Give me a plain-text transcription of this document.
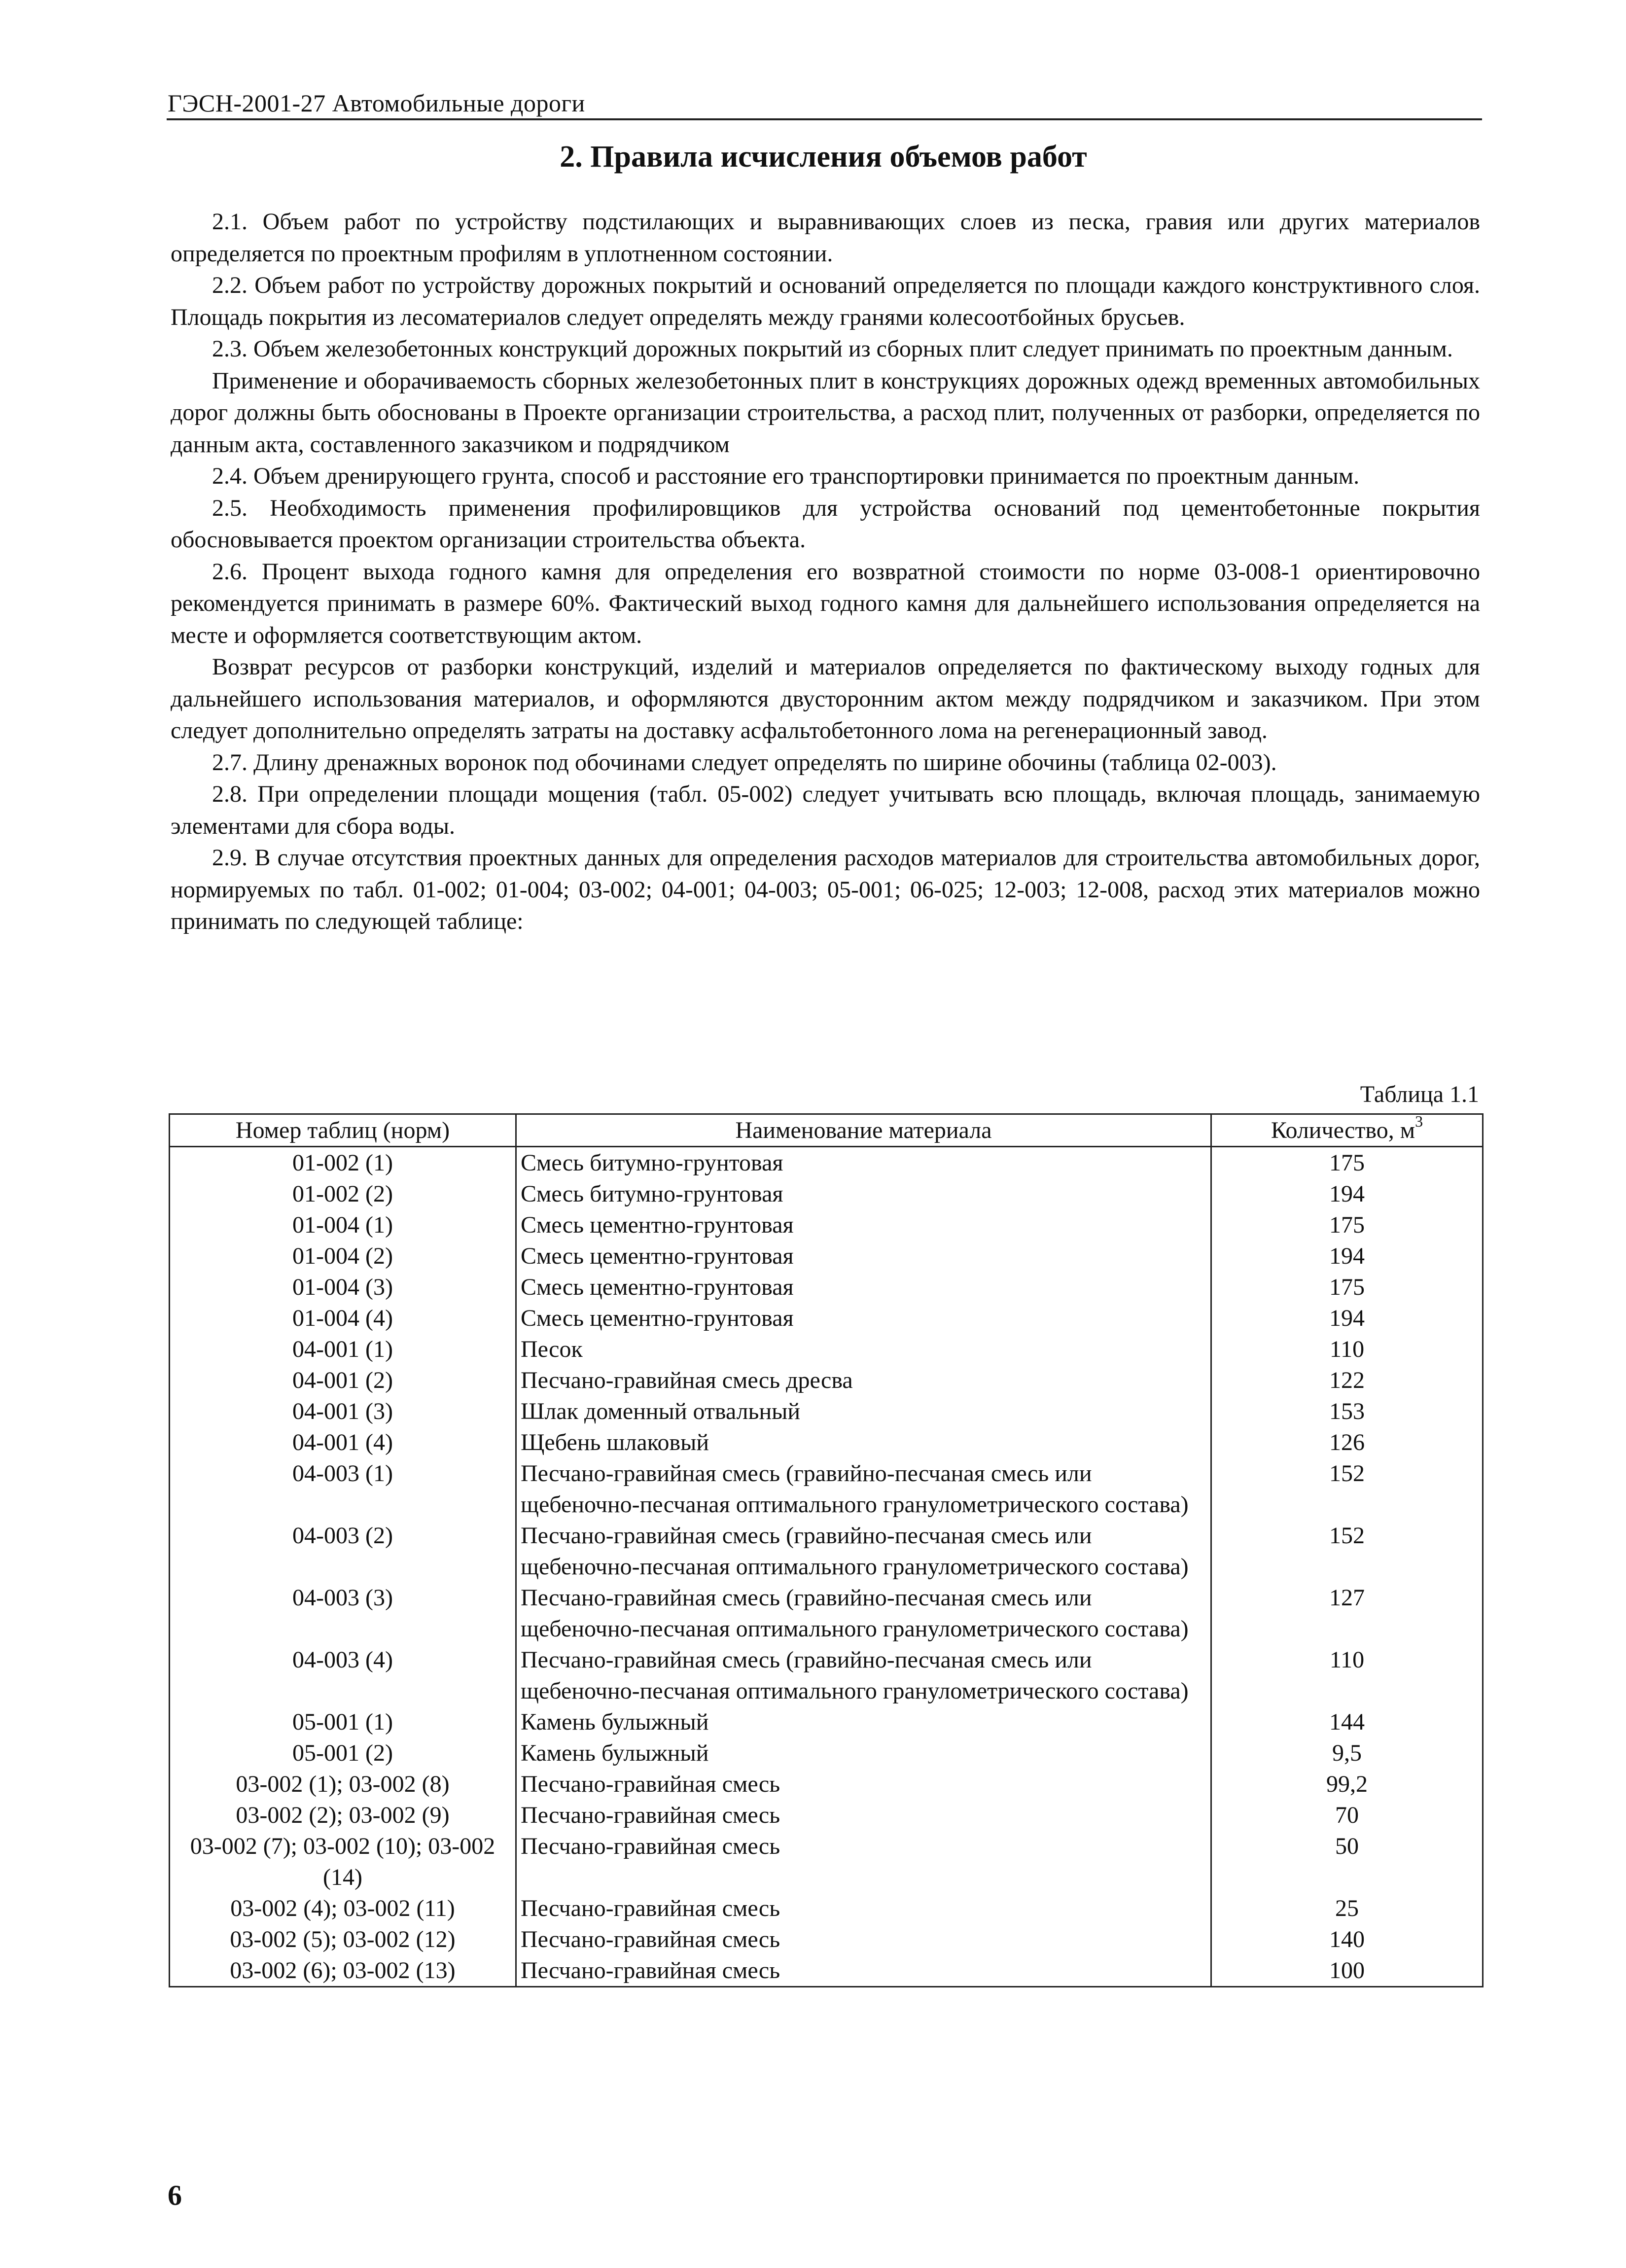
ГЭСН-2001-27 Автомобильные дороги
2. Правила исчисления объемов работ

2.1. Объем работ по устройству подстилающих и выравнивающих слоев из песка, гравия или других материалов определяется по проектным профилям в уплотненном состоянии.

2.2. Объем работ по устройству дорожных покрытий и оснований определяется по площади каждого конструктивного слоя. Площадь покрытия из лесоматериалов следует определять между гранями колесоотбойных брусьев.

2.3. Объем железобетонных конструкций дорожных покрытий из сборных плит следует принимать по проектным данным.

Применение и оборачиваемость сборных железобетонных плит в конструкциях дорожных одежд временных автомобильных дорог должны быть обоснованы в Проекте организации строительства, а расход плит, полученных от разборки, определяется по данным акта, составленного заказчиком и подрядчиком

2.4. Объем дренирующего грунта, способ и расстояние его транспортировки принимается по проектным данным.

2.5. Необходимость применения профилировщиков для устройства оснований под цементобетонные покрытия обосновывается проектом организации строительства объекта.

2.6. Процент выхода годного камня для определения его возвратной стоимости по норме 03-008-1 ориентировочно рекомендуется принимать в размере 60%. Фактический выход годного камня для дальнейшего использования определяется на месте и оформляется соответствующим актом.

Возврат ресурсов от разборки конструкций, изделий и материалов определяется по фактическому выходу годных для дальнейшего использования материалов, и оформляются двусторонним актом между подрядчиком и заказчиком. При этом следует дополнительно определять затраты на доставку асфальтобетонного лома на регенерационный завод.

2.7. Длину дренажных воронок под обочинами следует определять по ширине обочины (таблица 02-003).

2.8. При определении площади мощения (табл. 05-002) следует учитывать всю площадь, включая площадь, занимаемую элементами для сбора воды.

2.9. В случае отсутствия проектных данных для определения расходов материалов для строительства автомобильных дорог, нормируемых по табл. 01-002; 01-004; 03-002; 04-001; 04-003; 05-001; 06-025; 12-003; 12-008, расход этих материалов можно принимать по следующей таблице:

Таблица 1.1
Номер таблиц (норм)	Наименование материала	Количество, $м^3$
01-002 (1)	Смесь битумно-грунтовая	175
01-002 (2)	Смесь битумно-грунтовая	194
01-004 (1)	Смесь цементно-грунтовая	175
01-004 (2)	Смесь цементно-грунтовая	194
01-004 (3)	Смесь цементно-грунтовая	175
01-004 (4)	Смесь цементно-грунтовая	194
04-001 (1)	Песок	110
04-001 (2)	Песчано-гравийная смесь дресва	122
04-001 (3)	Шлак доменный отвальный	153
04-001 (4)	Щебень шлаковый	126
04-003 (1)	Песчано-гравийная смесь (гравийно-песчаная смесь или щебеночно-песчаная оптимального гранулометрического состава)	152
04-003 (2)	Песчано-гравийная смесь (гравийно-песчаная смесь или щебеночно-песчаная оптимального гранулометрического состава)	152
04-003 (3)	Песчано-гравийная смесь (гравийно-песчаная смесь или щебеночно-песчаная оптимального гранулометрического состава)	127
04-003 (4)	Песчано-гравийная смесь (гравийно-песчаная смесь или щебеночно-песчаная оптимального гранулометрического состава)	110
05-001 (1)	Камень булыжный	144
05-001 (2)	Камень булыжный	9,5
03-002 (1); 03-002 (8)	Песчано-гравийная смесь	99,2
03-002 (2); 03-002 (9)	Песчано-гравийная смесь	70
03-002 (7); 03-002 (10); 03-002 (14)	Песчано-гравийная смесь	50
03-002 (4); 03-002 (11)	Песчано-гравийная смесь	25
03-002 (5); 03-002 (12)	Песчано-гравийная смесь	140
03-002 (6); 03-002 (13)	Песчано-гравийная смесь	100
6
